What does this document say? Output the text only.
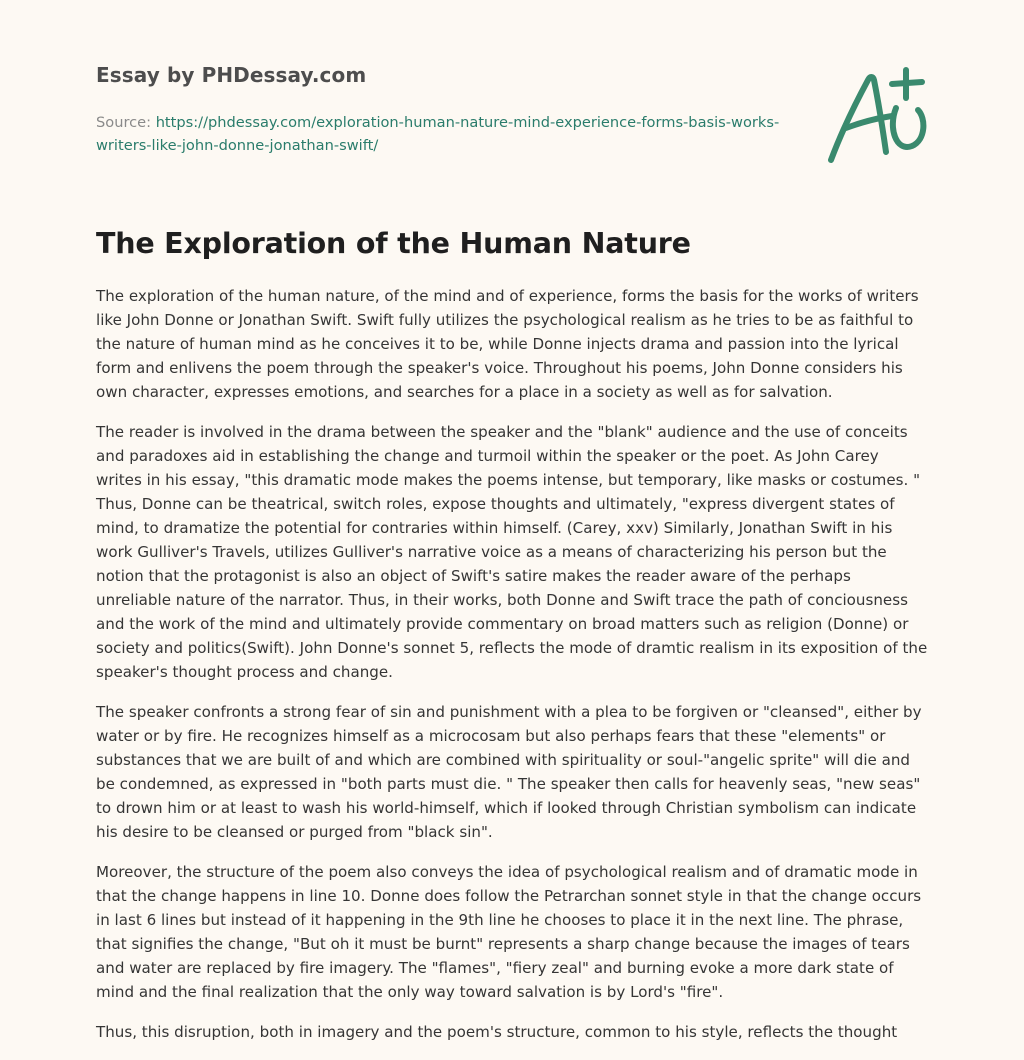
Essay by PHDessay.com
Source: https://phdessay.com/exploration-human-nature-mind-experience-forms-basis-works-writers-like-john-donne-jonathan-swift/
The Exploration of the Human Nature

The exploration of the human nature, of the mind and of experience, forms the basis for the works of writers like John Donne or Jonathan Swift. Swift fully utilizes the psychological realism as he tries to be as faithful to the nature of human mind as he conceives it to be, while Donne injects drama and passion into the lyrical form and enlivens the poem through the speaker's voice. Throughout his poems, John Donne considers his own character, expresses emotions, and searches for a place in a society as well as for salvation.

The reader is involved in the drama between the speaker and the "blank" audience and the use of conceits and paradoxes aid in establishing the change and turmoil within the speaker or the poet. As John Carey writes in his essay, "this dramatic mode makes the poems intense, but temporary, like masks or costumes. " Thus, Donne can be theatrical, switch roles, expose thoughts and ultimately, "express divergent states of mind, to dramatize the potential for contraries within himself. (Carey, xxv) Similarly, Jonathan Swift in his work Gulliver's Travels, utilizes Gulliver's narrative voice as a means of characterizing his person but the notion that the protagonist is also an object of Swift's satire makes the reader aware of the perhaps unreliable nature of the narrator. Thus, in their works, both Donne and Swift trace the path of conciousness and the work of the mind and ultimately provide commentary on broad matters such as religion (Donne) or society and politics(Swift). John Donne's sonnet 5, reflects the mode of dramtic realism in its exposition of the speaker's thought process and change.

The speaker confronts a strong fear of sin and punishment with a plea to be forgiven or "cleansed", either by water or by fire. He recognizes himself as a microcosam but also perhaps fears that these "elements" or substances that we are built of and which are combined with spirituality or soul-"angelic sprite" will die and be condemned, as expressed in "both parts must die. " The speaker then calls for heavenly seas, "new seas" to drown him or at least to wash his world-himself, which if looked through Christian symbolism can indicate his desire to be cleansed or purged from "black sin".

Moreover, the structure of the poem also conveys the idea of psychological realism and of dramatic mode in that the change happens in line 10. Donne does follow the Petrarchan sonnet style in that the change occurs in last 6 lines but instead of it happening in the 9th line he chooses to place it in the next line. The phrase, that signifies the change, "But oh it must be burnt" represents a sharp change because the images of tears and water are replaced by fire imagery. The "flames", "fiery zeal" and burning evoke a more dark state of mind and the final realization that the only way toward salvation is by Lord's "fire".

Thus, this disruption, both in imagery and the poem's structure, common to his style, reflects the thought
